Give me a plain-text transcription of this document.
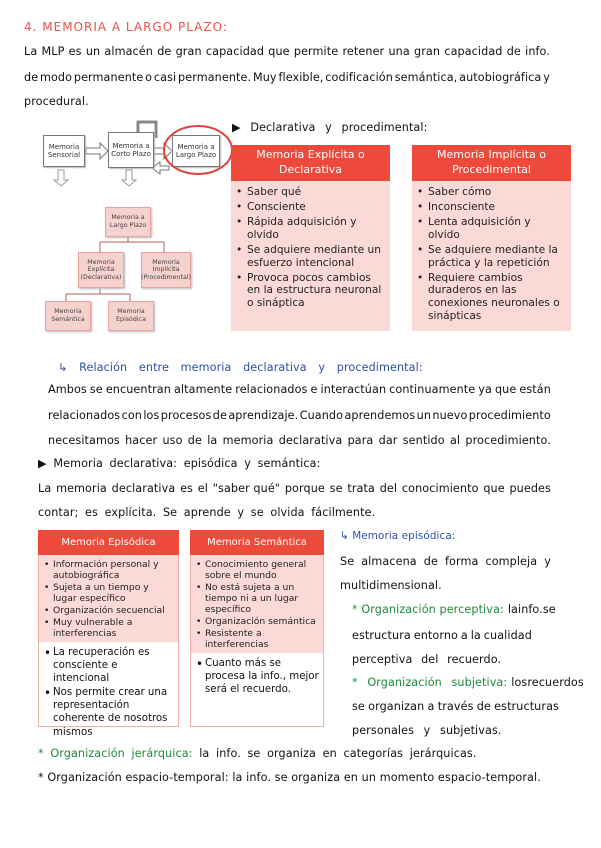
4. MEMORIA A LARGO PLAZO:
La MLP es un almacén de gran capacidad que permite retener una gran capacidad de info.
de modo permanente o casi permanente. Muy flexible, codificación semántica, autobiográfica y
procedural.
Memoria Sensorial
Memoria a Corto Plazo
Memoria a Largo Plazo
Memoria a Largo Plazo
Memoria Explícita (Declarativa)
Memoria Implícita (Procedimental)
Memoria Semántica
Memoria Episódica
▶ Declarativa y procedimental:
Memoria Explícita o Declarativa
• Saber qué
• Consciente
• Rápida adquisición y olvido
• Se adquiere mediante un esfuerzo intencional
• Provoca pocos cambios en la estructura neuronal o sináptica
Memoria Implícita o Procedimental
• Saber cómo
• Inconsciente
• Lenta adquisición y olvido
• Se adquiere mediante la práctica y la repetición
• Requiere cambios duraderos en las conexiones neuronales o sinápticas
↳ Relación entre memoria declarativa y procedimental:
Ambos se encuentran altamente relacionados e interactúan continuamente ya que están
relacionados con los procesos de aprendizaje. Cuando aprendemos un nuevo procedimiento
necesitamos hacer uso de la memoria declarativa para dar sentido al procedimiento.
▶ Memoria declarativa: episódica y semántica:
La memoria declarativa es el "saber qué" porque se trata del conocimiento que puedes
contar; es explícita. Se aprende y se olvida fácilmente.
Memoria Episódica
• Información personal y autobiográfica
• Sujeta a un tiempo y lugar específico
• Organización secuencial
• Muy vulnerable a interferencias
• La recuperación es consciente e intencional
• Nos permite crear una representación coherente de nosotros mismos
Memoria Semántica
• Conocimiento general sobre el mundo
• No está sujeta a un tiempo ni a un lugar específico
• Organización semántica
• Resistente a interferencias
• Cuanto más se procesa la info., mejor será el recuerdo.
↳ Memoria episódica:
Se almacena de forma compleja y
multidimensional.
* Organización perceptiva: la info. se
estructura entorno a la cualidad
perceptiva del recuerdo.
* Organización subjetiva: los recuerdos
se organizan a través de estructuras
personales y subjetivas.
* Organización jerárquica: la info. se organiza en categorías jerárquicas.
* Organización espacio-temporal: la info. se organiza en un momento espacio-temporal.
